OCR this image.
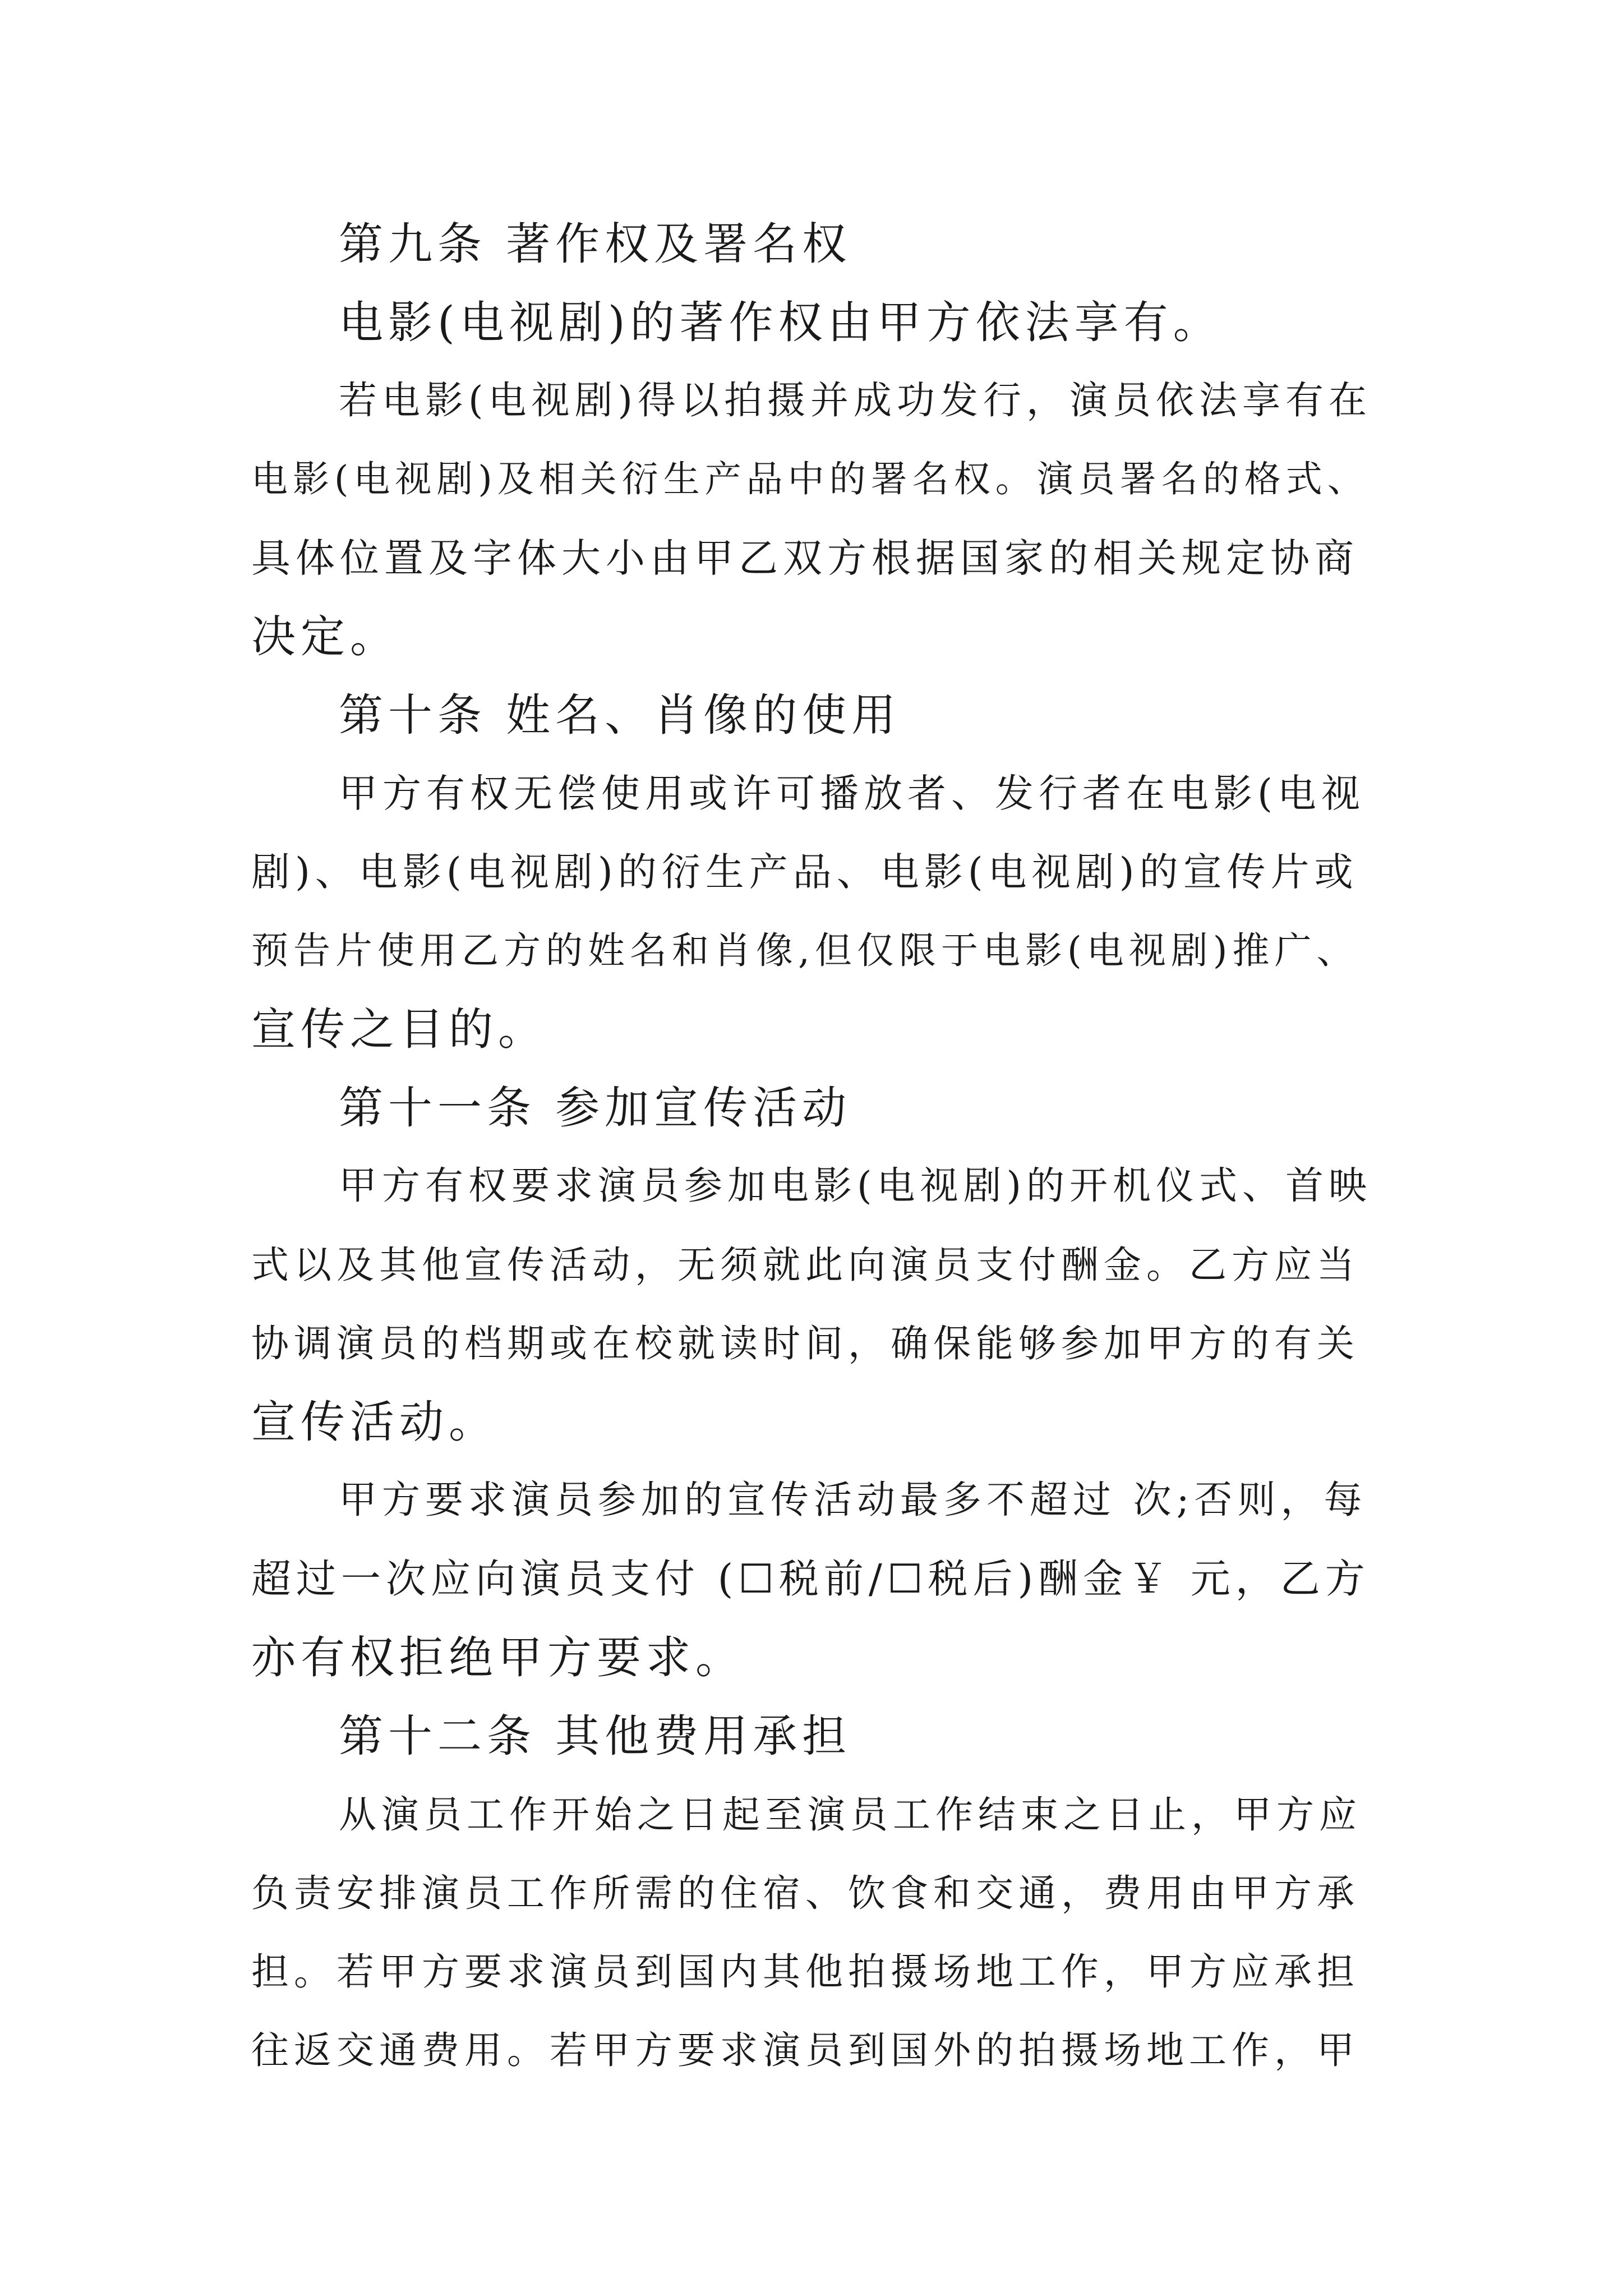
第九条 著作权及署名权
电影(电视剧)的著作权由甲方依法享有。
若电影(电视剧)得以拍摄并成功发行，演员依法享有在
电影(电视剧)及相关衍生产品中的署名权。演员署名的格式、
具体位置及字体大小由甲乙双方根据国家的相关规定协商
决定。
第十条 姓名、肖像的使用
甲方有权无偿使用或许可播放者、发行者在电影(电视
剧)、电影(电视剧)的衍生产品、电影(电视剧)的宣传片或
预告片使用乙方的姓名和肖像,但仅限于电影(电视剧)推广、
宣传之目的。
第十一条 参加宣传活动
甲方有权要求演员参加电影(电视剧)的开机仪式、首映
式以及其他宣传活动，无须就此向演员支付酬金。乙方应当
协调演员的档期或在校就读时间，确保能够参加甲方的有关
宣传活动。
甲方要求演员参加的宣传活动最多不超过 次;否则，每
超过一次应向演员支付 (☐税前/☐税后)酬金￥ 元，乙方
亦有权拒绝甲方要求。
第十二条 其他费用承担
从演员工作开始之日起至演员工作结束之日止，甲方应
负责安排演员工作所需的住宿、饮食和交通，费用由甲方承
担。若甲方要求演员到国内其他拍摄场地工作，甲方应承担
往返交通费用。若甲方要求演员到国外的拍摄场地工作，甲
